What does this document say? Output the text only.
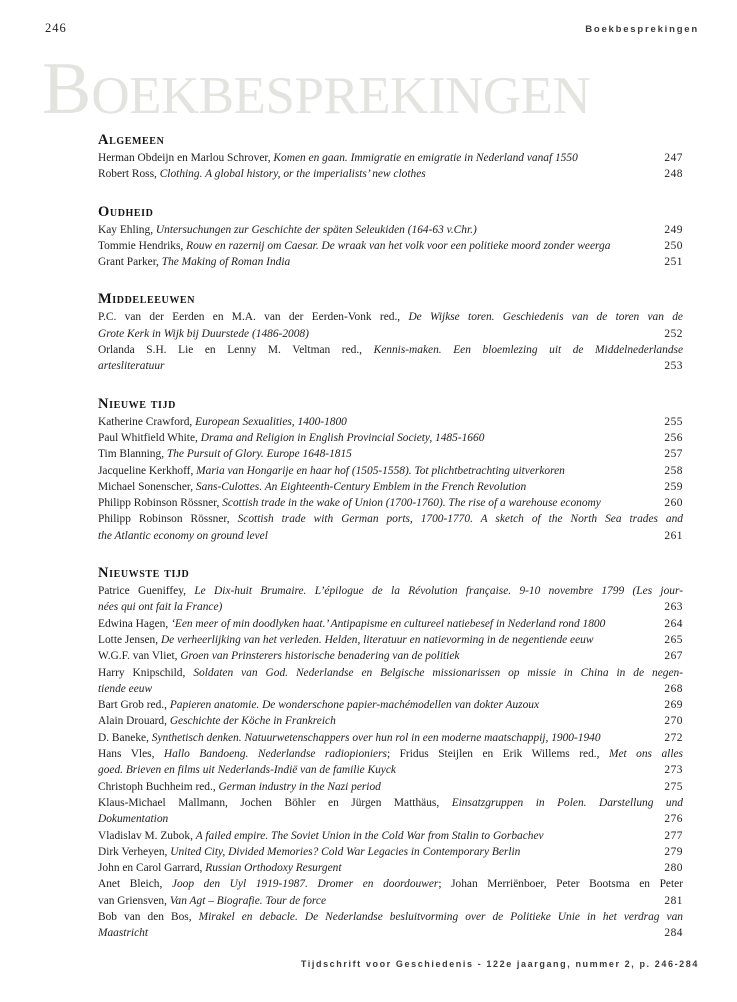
246	Boekbesprekingen
BOEKBESPREKINGEN
Algemeen
247
Herman Obdeijn en Marlou Schrover, Komen en gaan. Immigratie en emigratie in Nederland vanaf 1550
248
Robert Ross, Clothing. A global history, or the imperialists’ new clothes
Oudheid
249
Kay Ehling, Untersuchungen zur Geschichte der späten Seleukiden (164-63 v.Chr.)
250
Tommie Hendriks, Rouw en razernij om Caesar. De wraak van het volk voor een politieke moord zonder weerga
251
Grant Parker, The Making of Roman India
Middeleeuwen
P.C. van der Eerden en M.A. van der Eerden-Vonk red., De Wijkse toren. Geschiedenis van de toren van de
252
Grote Kerk in Wijk bij Duurstede (1486-2008)
Orlanda S.H. Lie en Lenny M. Veltman red., Kennis-maken. Een bloemlezing uit de Middelnederlandse
253
artesliteratuur
Nieuwe tijd
255
Katherine Crawford, European Sexualities, 1400-1800
256
Paul Whitfield White, Drama and Religion in English Provincial Society, 1485-1660
257
Tim Blanning, The Pursuit of Glory. Europe 1648-1815
258
Jacqueline Kerkhoff, Maria van Hongarije en haar hof (1505-1558). Tot plichtbetrachting uitverkoren
259
Michael Sonenscher, Sans-Culottes. An Eighteenth-Century Emblem in the French Revolution
260
Philipp Robinson Rössner, Scottish trade in the wake of Union (1700-1760). The rise of a warehouse economy
Philipp Robinson Rössner, Scottish trade with German ports, 1700-1770. A sketch of the North Sea trades and
261
the Atlantic economy on ground level
Nieuwste tijd
Patrice Gueniffey, Le Dix-huit Brumaire. L’épilogue de la Révolution française. 9-10 novembre 1799 (Les jour-
263
nées qui ont fait la France)
264
Edwina Hagen, ‘Een meer of min doodlyken haat.’ Antipapisme en cultureel natiebesef in Nederland rond 1800
265
Lotte Jensen, De verheerlijking van het verleden. Helden, literatuur en natievorming in de negentiende eeuw
267
W.G.F. van Vliet, Groen van Prinsterers historische benadering van de politiek
Harry Knipschild, Soldaten van God. Nederlandse en Belgische missionarissen op missie in China in de negen-
268
tiende eeuw
269
Bart Grob red., Papieren anatomie. De wonderschone papier-machémodellen van dokter Auzoux
270
Alain Drouard, Geschichte der Köche in Frankreich
272
D. Baneke, Synthetisch denken. Natuurwetenschappers over hun rol in een moderne maatschappij, 1900-1940
Hans Vles, Hallo Bandoeng. Nederlandse radiopioniers; Fridus Steijlen en Erik Willems red., Met ons alles
273
goed. Brieven en films uit Nederlands-Indië van de familie Kuyck
275
Christoph Buchheim red., German industry in the Nazi period
Klaus-Michael Mallmann, Jochen Böhler en Jürgen Matthäus, Einsatzgruppen in Polen. Darstellung und
276
Dokumentation
277
Vladislav M. Zubok, A failed empire. The Soviet Union in the Cold War from Stalin to Gorbachev
279
Dirk Verheyen, United City, Divided Memories? Cold War Legacies in Contemporary Berlin
280
John en Carol Garrard, Russian Orthodoxy Resurgent
Anet Bleich, Joop den Uyl 1919-1987. Dromer en doordouwer; Johan Merriënboer, Peter Bootsma en Peter
281
van Griensven, Van Agt – Biografie. Tour de force
Bob van den Bos, Mirakel en debacle. De Nederlandse besluitvorming over de Politieke Unie in het verdrag van
284
Maastricht
Tijdschrift voor Geschiedenis - 122e jaargang, nummer 2, p. 246-284
